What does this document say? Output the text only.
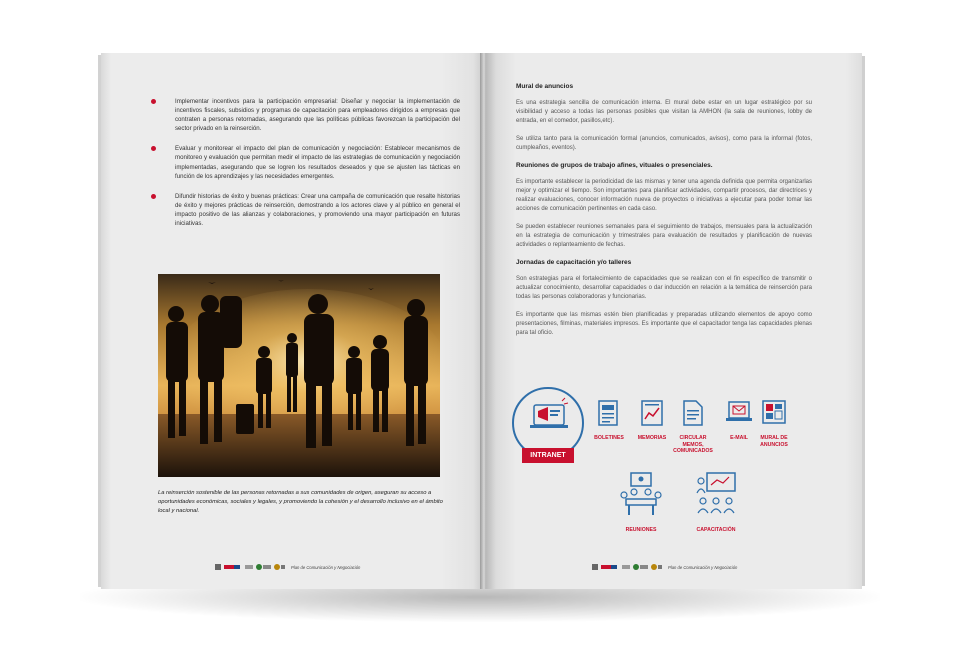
Implementar incentivos para la participación empresarial: Diseñar y negociar la implementación de incentivos fiscales, subsidios y programas de capacitación para empleadores dirigidos a empresas que contraten a personas retornadas, asegurando que las políticas públicas favorezcan la participación del sector privado en la reinserción.

Evaluar y monitorear el impacto del plan de comunicación y negociación: Establecer mecanismos de monitoreo y evaluación que permitan medir el impacto de las estrategias de comunicación y negociación implementadas, asegurando que se logren los resultados deseados y que se ajusten las tácticas en función de los aprendizajes y las necesidades emergentes.

Difundir historias de éxito y buenas prácticas: Crear una campaña de comunicación que resalte historias de éxito y mejores prácticas de reinserción, demostrando a los actores clave y al público en general el impacto positivo de las alianzas y colaboraciones, y promoviendo una mayor participación en futuras iniciativas.

La reinserción sostenible de las personas retornadas a sus comunidades de origen, aseguran su acceso a oportunidades económicas, sociales y legales, y promoviendo la cohesión y el desarrollo inclusivo en el ámbito local y nacional.

Plan de Comunicación y Negociación
Mural de anuncios

Es una estrategia sencilla de comunicación interna. El mural debe estar en un lugar estratégico por su visibilidad y acceso a todas las personas posibles que visitan la AMHON (la sala de reuniones, lobby de entrada, en el comedor, pasillos,etc).

Se utiliza tanto para la comunicación formal (anuncios, comunicados, avisos), como para la informal (fotos, cumpleaños, eventos).

Reuniones de grupos de trabajo afines, vituales o presenciales.

Es importante establecer la periodicidad de las mismas y tener una agenda definida que permita organizarlas mejor y optimizar el tiempo. Son importantes para planificar actividades, compartir procesos, dar directrices y realizar evaluaciones, conocer información nueva de proyectos o iniciativas a ejecutar para poder tomar las acciones de comunicación pertinentes en cada caso.

Se pueden establecer reuniones semanales para el seguimiento de trabajos, mensuales para la actualización en la estrategia de comunicación y trimestrales para evaluación de resultados y planificación de nuevas actividades o replanteamiento de fechas.

Jornadas de capacitación y/o talleres

Son estrategias para el fortalecimiento de capacidades que se realizan con el fin específico de transmitir o actualizar conocimiento, desarrollar capacidades o dar inducción en relación a la temática de reinserción para todas las personas colaboradoras y funcionarias.

Es importante que las mismas estén bien planificadas y preparadas utilizando elementos de apoyo como presentaciones, filminas, materiales impresos. Es importante que el capacitador tenga las capacidades plenas para tal oficio.

INTRANET
BOLETINES	MEMORIAS	CIRCULAR MEMOS, COMUNICADOS
E-MAIL	MURAL DE ANUNCIOS
REUNIONES	CAPACITACIÓN
Plan de Comunicación y Negociación
